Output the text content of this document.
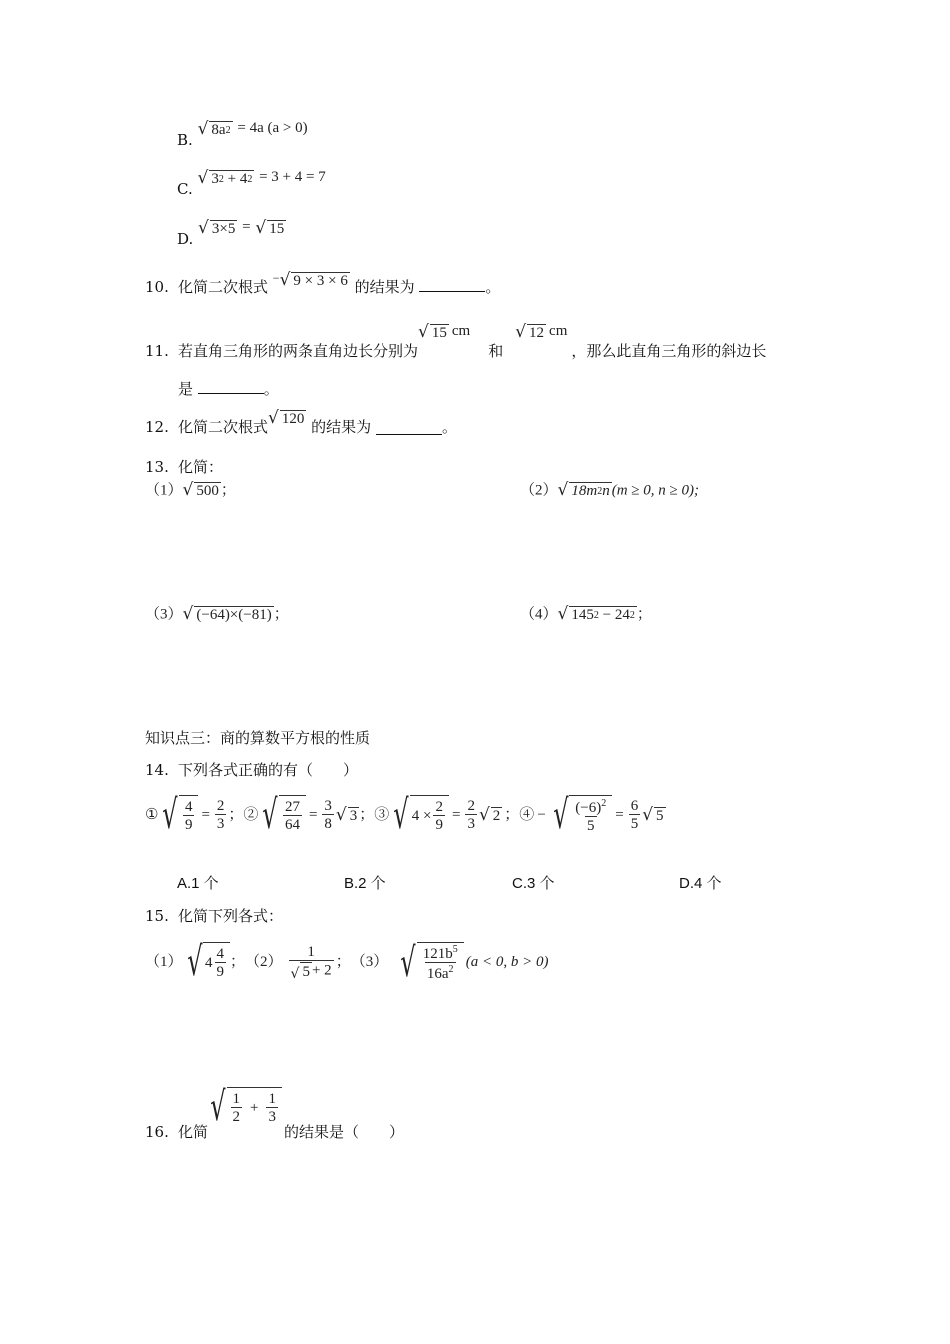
B.
√ 8a 2 = 4a (a > 0)
C.
√ 3 2 + 4 2 = 3 + 4 = 7
D.
√ 3×5 = √ 15
10. 化简二次根式 − √ 9 × 3 × 6 的结果为	。
11. 若直角三角形的两条直角边长分别为
√ 15 cm和
√ 12 cm，那么此直角三角形的斜边长
是	。
12. 化简二次根式 √ 120 的结果为	。
13. 化简：
（1） √ 500 ；	（2） √ 18m 2 n (m ≥ 0, n ≥ 0);
（3） √ (−64)×(−81) ；	（4） √ 145 2
− 24 2 ；
知识点三：商的算数平方根的性质
14. 下列各式正确的有（　　）
① √ $\frac{4}{9} = \frac{2}{3}$ ；② √ $\frac{27}{64} = \frac{3}{8}$ √ 3 ；③ √ $4 \times \frac{2}{9} = \frac{2}{3}$ √ 2 ；④ − √ $\frac{(-6)^2}{5} = \frac{6}{5}$ √ 5
A.1 个	B.2 个	C.3 个	D.4 个
15. 化简下列各式：
（1） √ $4 \frac{4}{9}$ ； $(2) \frac{1}{√ 5 + 2}$ ； （3） √ $\frac{121b^5}{16a^2} (a < 0$, b > 0)
16. 化简
√ $\frac{1}{2} + \frac{1}{3}$
的结果是（　　）
